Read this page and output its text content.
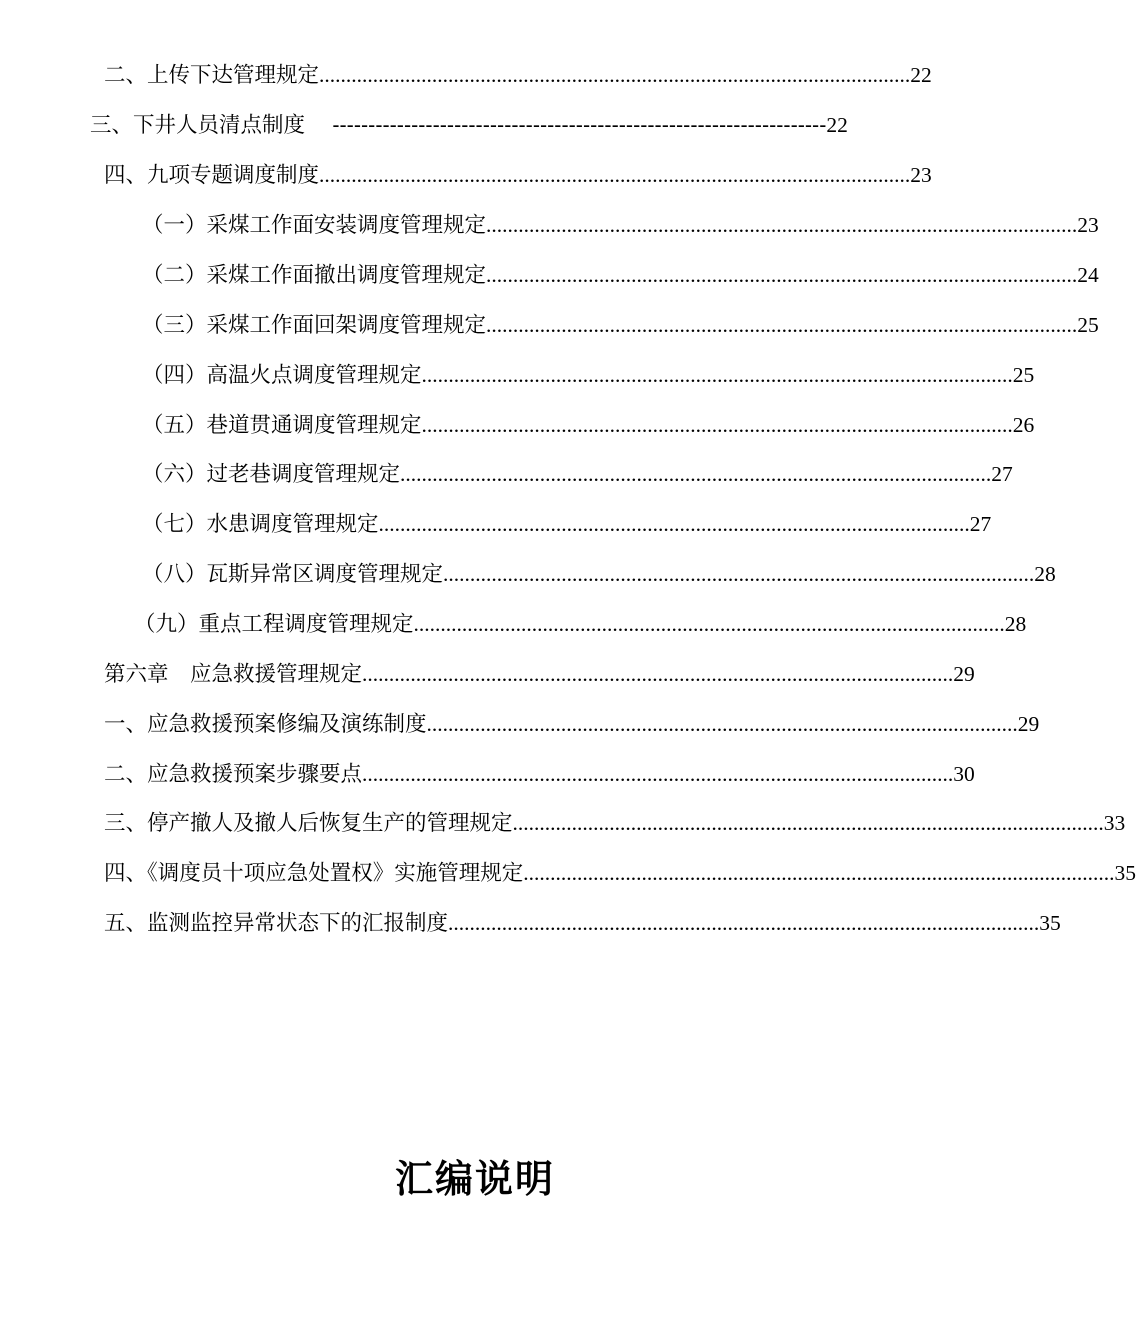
二、上传下达管理规定 .............................................................................................................. 22
三、下井人员清点制度
--------------------------------------------------------------------- 22
四、九项专题调度制度 .............................................................................................................. 23
（一）采煤工作面安装调度管理规定 .............................................................................................................. 23
（二）采煤工作面撤出调度管理规定 .............................................................................................................. 24
（三）采煤工作面回架调度管理规定 .............................................................................................................. 25
（四）高温火点调度管理规定 .............................................................................................................. 25
（五）巷道贯通调度管理规定 .............................................................................................................. 26
（六）过老巷调度管理规定 .............................................................................................................. 27
（七）水患调度管理规定 .............................................................................................................. 27
（八）瓦斯异常区调度管理规定 .............................................................................................................. 28
（九）重点工程调度管理规定 .............................................................................................................. 28
第六章　应急救援管理规定 .............................................................................................................. 29
一、应急救援预案修编及演练制度 .............................................................................................................. 29
二、应急救援预案步骤要点 .............................................................................................................. 30
三、停产撤人及撤人后恢复生产的管理规定 .............................................................................................................. 33
四、《调度员十项应急处置权》实施管理规定 .............................................................................................................. 35
五、监测监控异常状态下的汇报制度 .............................................................................................................. 35
汇编说明
